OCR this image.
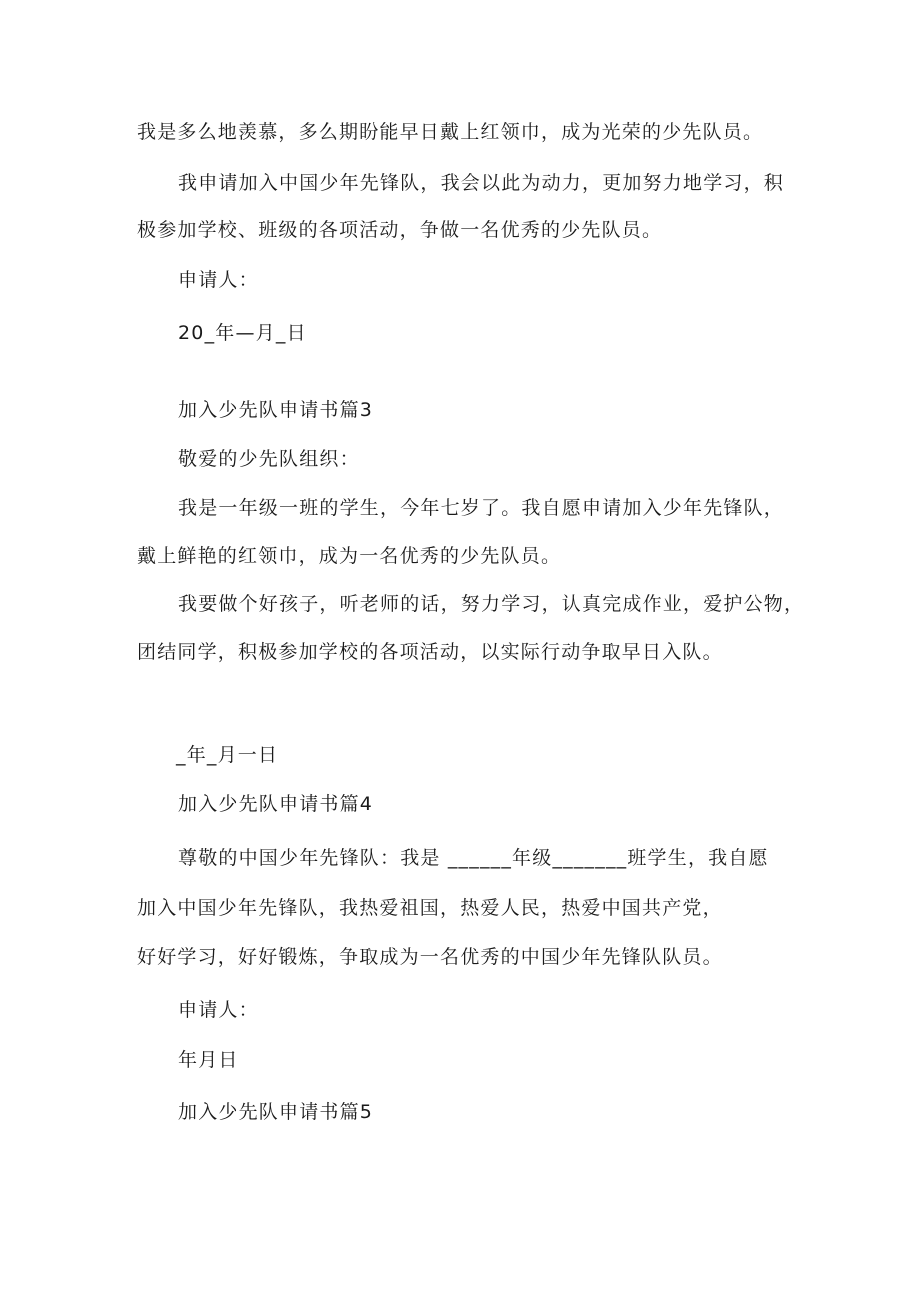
我是多么地羡慕，多么期盼能早日戴上红领巾，成为光荣的少先队员。
我申请加入中国少年先锋队，我会以此为动力，更加努力地学习，积
极参加学校、班级的各项活动，争做一名优秀的少先队员。
申请人：
20_年—月_日
加入少先队申请书篇3
敬爱的少先队组织：
我是一年级一班的学生，今年七岁了。我自愿申请加入少年先锋队，
戴上鲜艳的红领巾，成为一名优秀的少先队员。
我要做个好孩子，听老师的话，努力学习，认真完成作业，爱护公物，
团结同学，积极参加学校的各项活动，以实际行动争取早日入队。
_年_月一日
加入少先队申请书篇4
尊敬的中国少年先锋队：我是 ______年级_______班学生，我自愿
加入中国少年先锋队，我热爱祖国，热爱人民，热爱中国共产党，
好好学习，好好锻炼，争取成为一名优秀的中国少年先锋队队员。
申请人：
年月日
加入少先队申请书篇5
